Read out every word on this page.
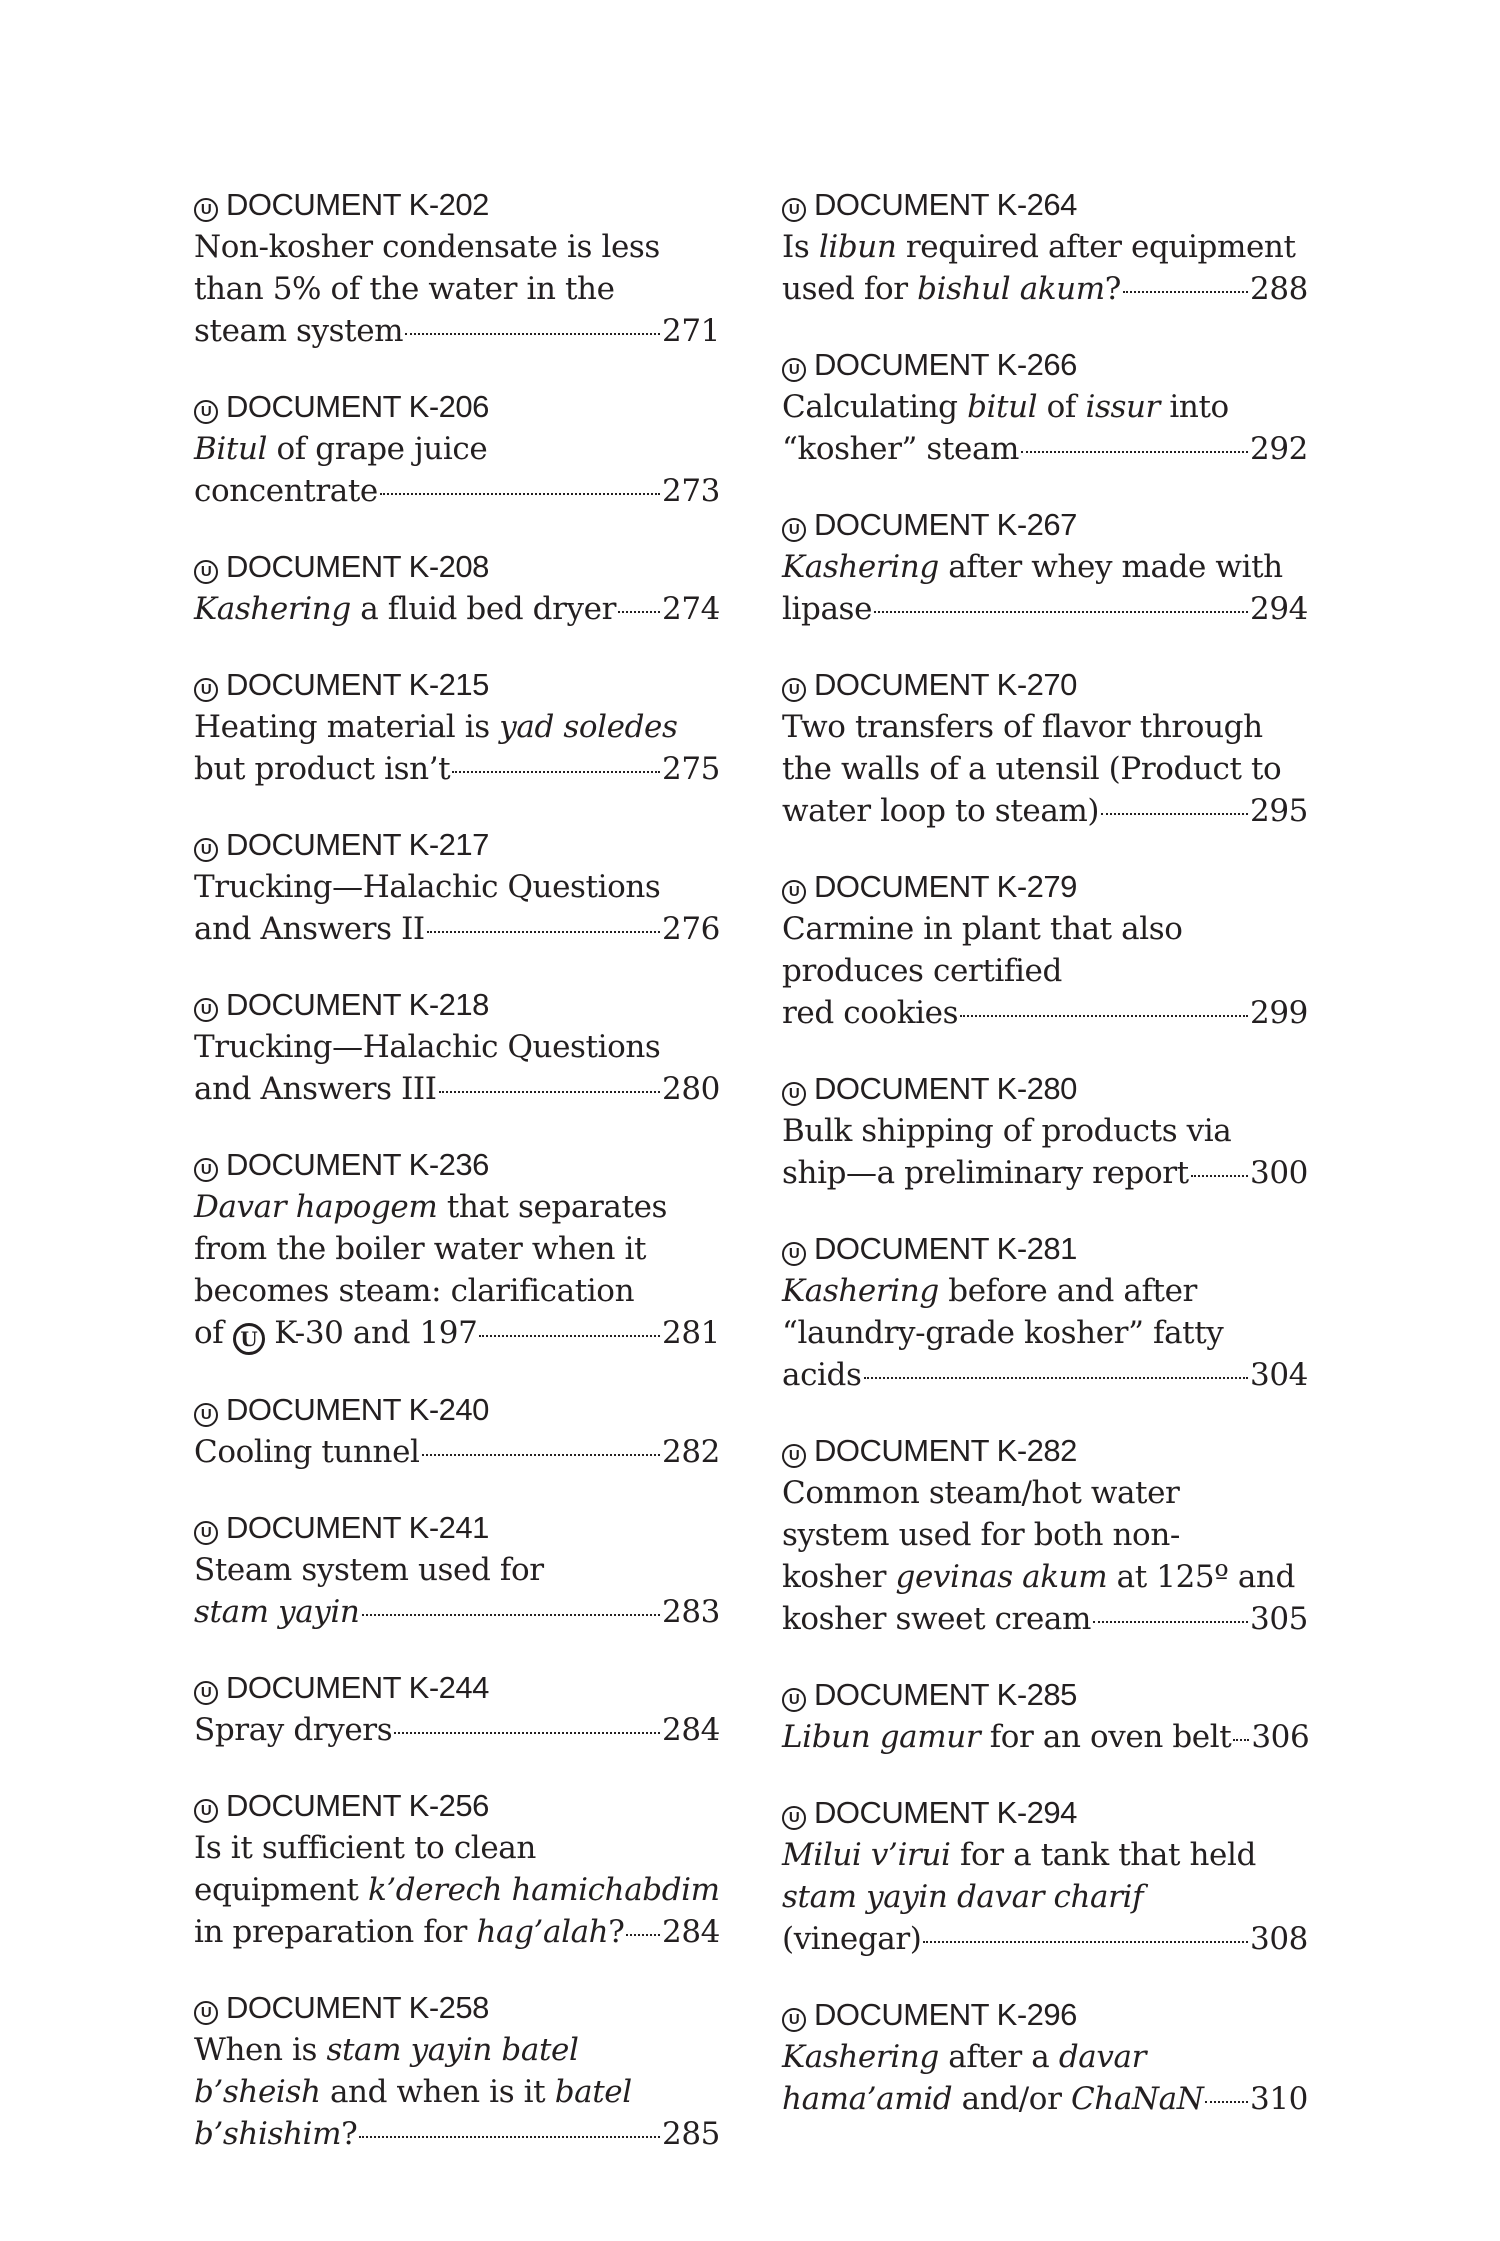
U DOCUMENT K-202
Non-kosher condensate is less
than 5% of the water in the
steam system	271
U DOCUMENT K-206
Bitul of grape juice
concentrate	273
U DOCUMENT K-208
Kashering a fluid bed dryer 274
U DOCUMENT K-215
Heating material is yad soledes
but product isn’t	275
U DOCUMENT K-217
Trucking—Halachic Questions
and Answers II	276
U DOCUMENT K-218
Trucking—Halachic Questions
and Answers III	280
U DOCUMENT K-236
Davar hapogem that separates
from the boiler water when it
becomes steam: clarification
of U K-30 and 197	281
U DOCUMENT K-240
Cooling tunnel	282
U DOCUMENT K-241
Steam system used for
stam yayin	283
U DOCUMENT K-244
Spray dryers	284
U DOCUMENT K-256
Is it sufficient to clean
equipment k’derech hamichabdim
in preparation for hag’alah? 284
U DOCUMENT K-258
When is stam yayin batel
b’sheish and when is it batel
b’shishim?	285
U DOCUMENT K-264
Is libun required after equipment
used for bishul akum?	288
U DOCUMENT K-266
Calculating bitul of issur into
“kosher” steam	292
U DOCUMENT K-267
Kashering after whey made with
lipase	294
U DOCUMENT K-270
Two transfers of flavor through
the walls of a utensil (Product to
water loop to steam)	295
U DOCUMENT K-279
Carmine in plant that also
produces certified
red cookies	299
U DOCUMENT K-280
Bulk shipping of products via
ship—a preliminary report 300
U DOCUMENT K-281
Kashering before and after
“laundry-grade kosher” fatty
acids	304
U DOCUMENT K-282
Common steam/hot water
system used for both non-
kosher gevinas akum at 125º and
kosher sweet cream	305
U DOCUMENT K-285
Libun gamur for an oven belt 306
U DOCUMENT K-294
Milui v’irui for a tank that held
stam yayin davar charif
(vinegar)	308
U DOCUMENT K-296
Kashering after a davar
hama’amid and/or ChaNaN 310
